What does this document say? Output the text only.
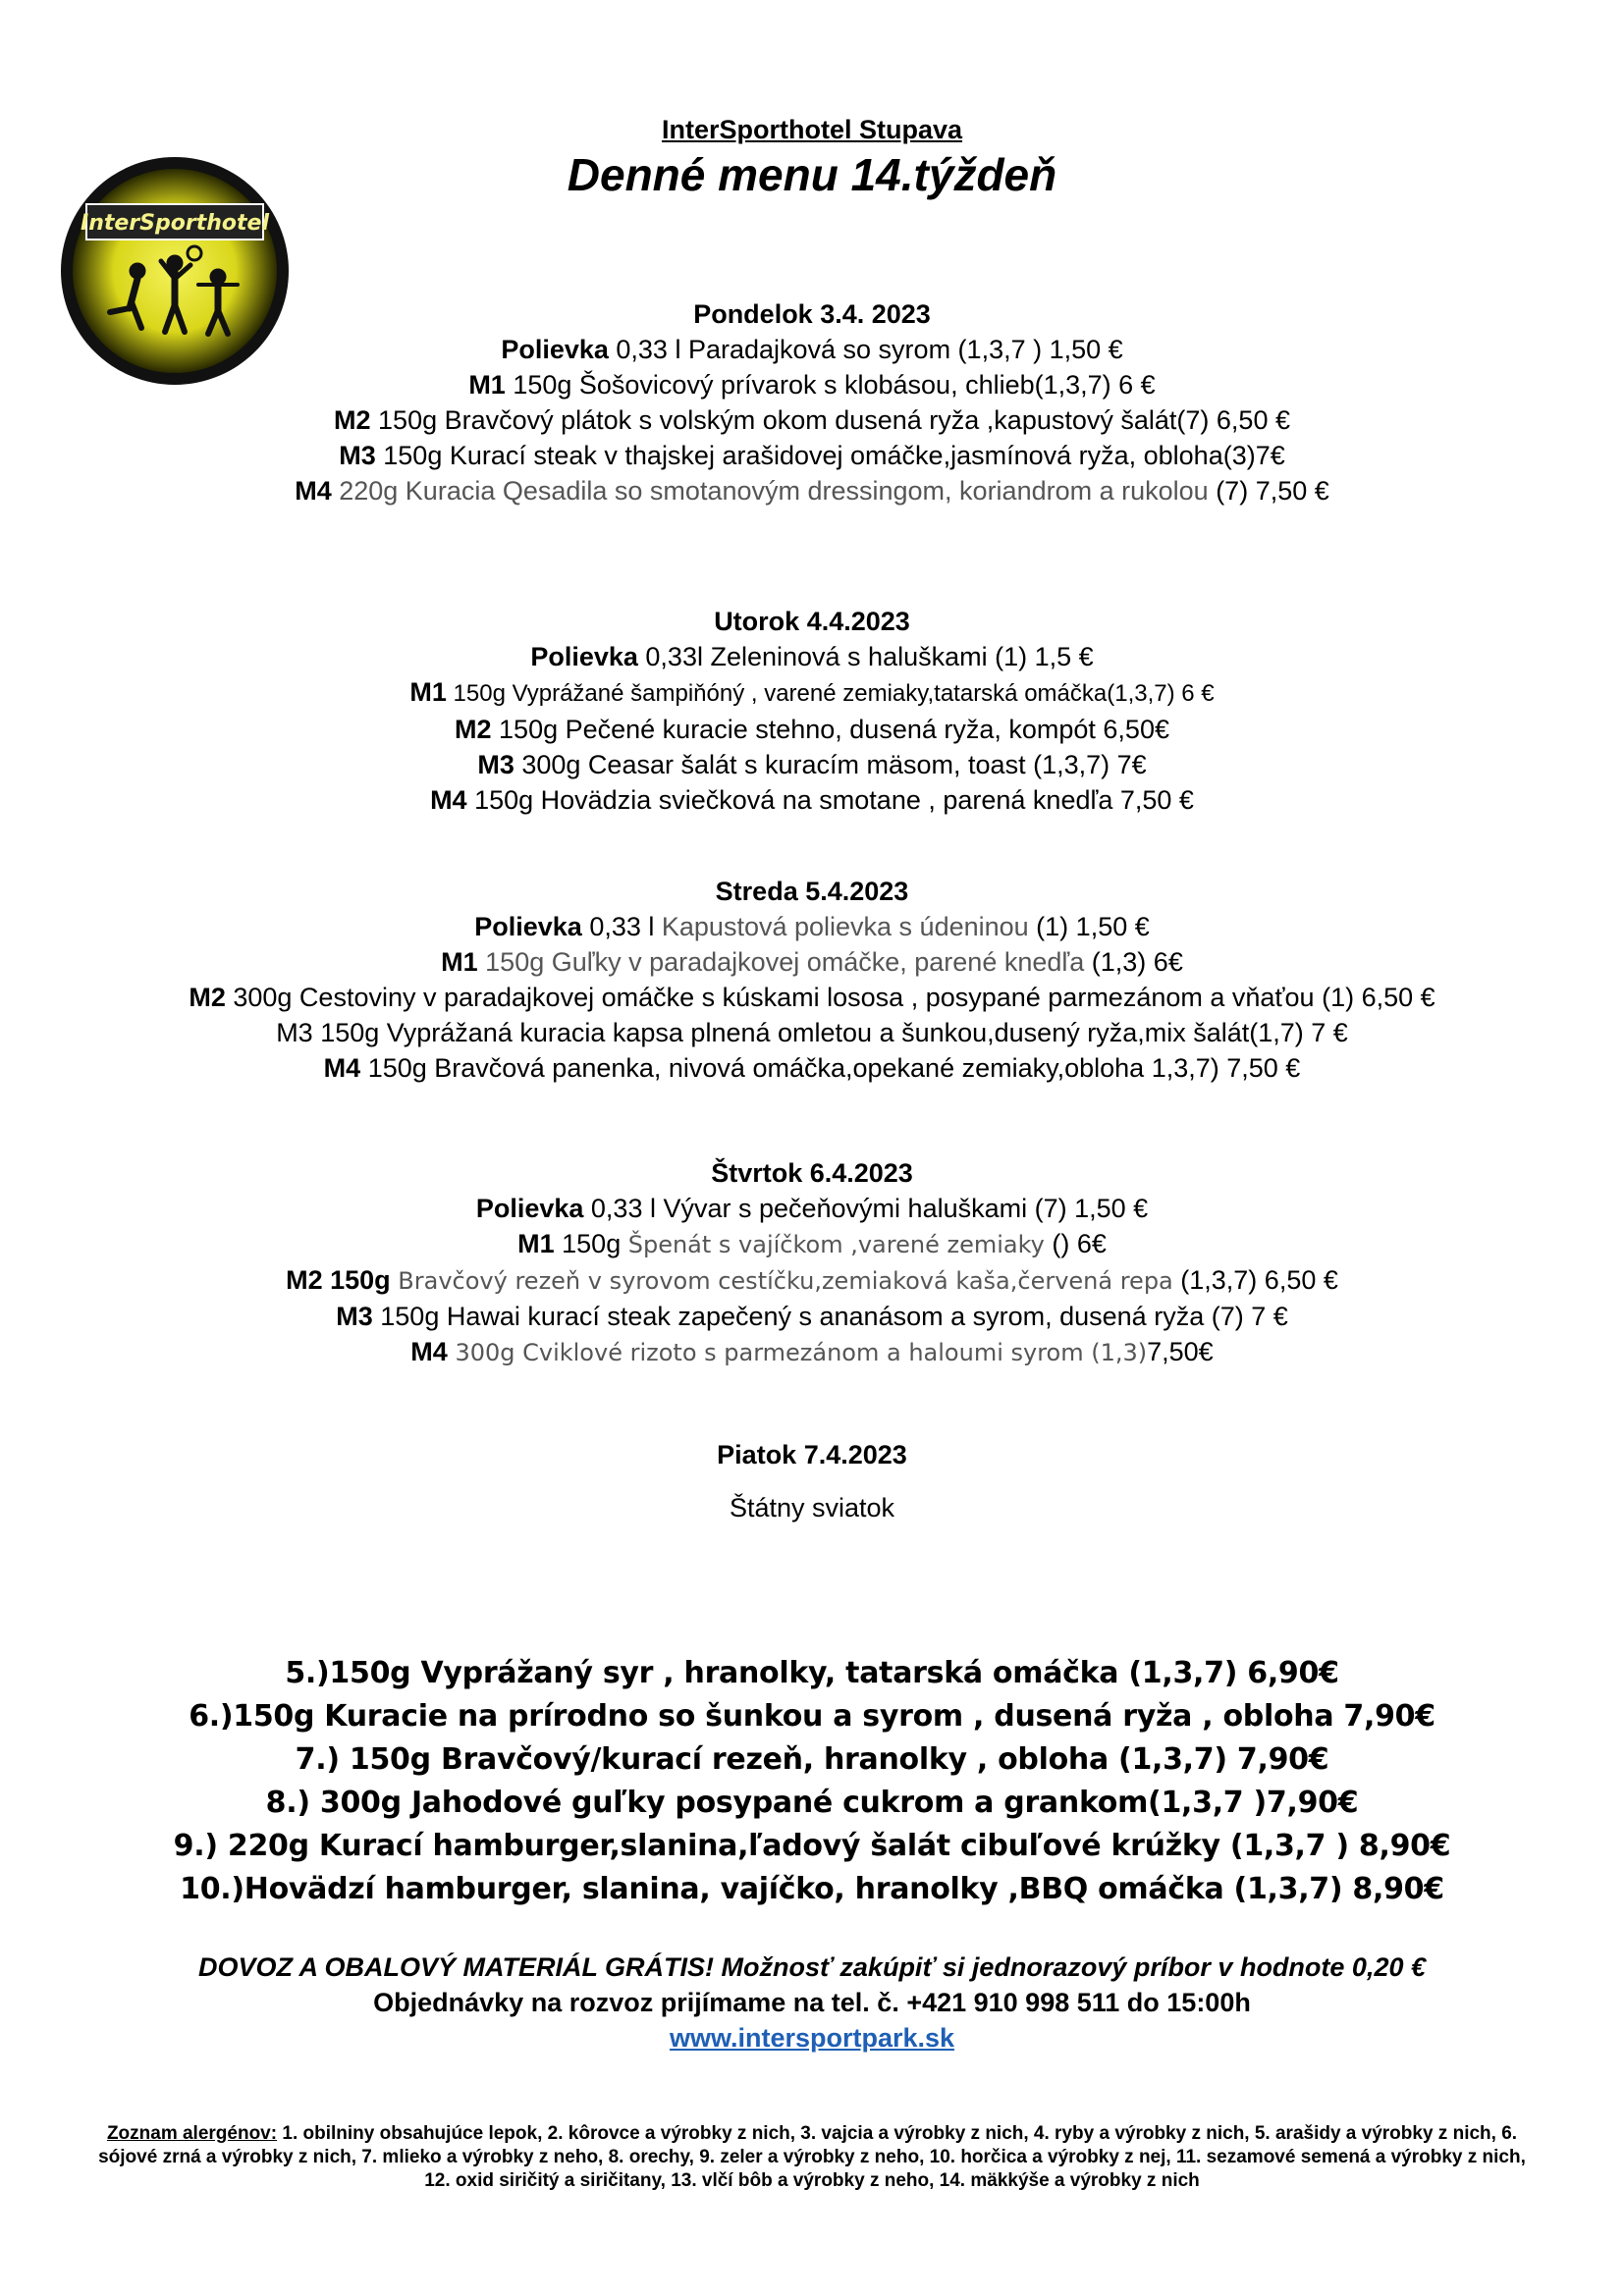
InterSporthotel
InterSporthotel Stupava
Denné menu 14.týždeň
Pondelok 3.4. 2023
Polievka 0,33 l Paradajková so syrom (1,3,7 ) 1,50 €
M1 150g Šošovicový prívarok s klobásou, chlieb(1,3,7) 6 €
M2 150g Bravčový plátok s volským okom dusená ryža ,kapustový šalát(7) 6,50 €
M3 150g Kurací steak v thajskej arašidovej omáčke,jasmínová ryža, obloha(3)7€
M4 220g Kuracia Qesadila so smotanovým dressingom, koriandrom a rukolou (7) 7,50 €
Utorok 4.4.2023
Polievka 0,33l Zeleninová s haluškami (1) 1,5 €
M1 150g Vyprážané šampiňóný , varené zemiaky,tatarská omáčka(1,3,7) 6 €
M2 150g Pečené kuracie stehno, dusená ryža, kompót 6,50€
M3 300g Ceasar šalát s kuracím mäsom, toast (1,3,7) 7€
M4 150g Hovädzia sviečková na smotane , parená knedľa 7,50 €
Streda 5.4.2023
Polievka 0,33 l Kapustová polievka s údeninou (1) 1,50 €
M1 150g Guľky v paradajkovej omáčke, parené knedľa (1,3) 6€
M2 300g Cestoviny v paradajkovej omáčke s kúskami lososa , posypané parmezánom a vňaťou (1) 6,50 €
M3 150g Vyprážaná kuracia kapsa plnená omletou a šunkou,dusený ryža,mix šalát(1,7) 7 €
M4 150g Bravčová panenka, nivová omáčka,opekané zemiaky,obloha 1,3,7) 7,50 €
Štvrtok 6.4.2023
Polievka 0,33 l Vývar s pečeňovými haluškami (7) 1,50 €
M1 150g Špenát s vajíčkom ,varené zemiaky () 6€
M2 150g Bravčový rezeň v syrovom cestíčku,zemiaková kaša,červená repa (1,3,7) 6,50 €
M3 150g Hawai kurací steak zapečený s ananásom a syrom, dusená ryža (7) 7 €
M4 300g Cviklové rizoto s parmezánom a haloumi syrom (1,3)7,50€
Piatok 7.4.2023
Štátny sviatok
5.)150g Vyprážaný syr , hranolky, tatarská omáčka (1,3,7) 6,90€
6.)150g Kuracie na prírodno so šunkou a syrom , dusená ryža , obloha 7,90€
7.) 150g Bravčový/kurací rezeň, hranolky , obloha (1,3,7) 7,90€
8.) 300g Jahodové guľky posypané cukrom a grankom(1,3,7 )7,90€
9.) 220g Kurací hamburger,slanina,ľadový šalát cibuľové krúžky (1,3,7 ) 8,90€
10.)Hovädzí hamburger, slanina, vajíčko, hranolky ,BBQ omáčka (1,3,7) 8,90€
DOVOZ A OBALOVÝ MATERIÁL GRÁTIS! Možnosť zakúpiť si jednorazový príbor v hodnote 0,20 €
Objednávky na rozvoz prijímame na tel. č. +421 910 998 511 do 15:00h
www.intersportpark.sk
Zoznam alergénov: 1. obilniny obsahujúce lepok, 2. kôrovce a výrobky z nich, 3. vajcia a výrobky z nich, 4. ryby a výrobky z nich, 5. arašidy a výrobky z nich, 6. sójové zrná a výrobky z nich, 7. mlieko a výrobky z neho, 8. orechy, 9. zeler a výrobky z neho, 10. horčica a výrobky z nej, 11. sezamové semená a výrobky z nich, 12. oxid siričitý a siričitany, 13. vlčí bôb a výrobky z neho, 14. mäkkýše a výrobky z nich
